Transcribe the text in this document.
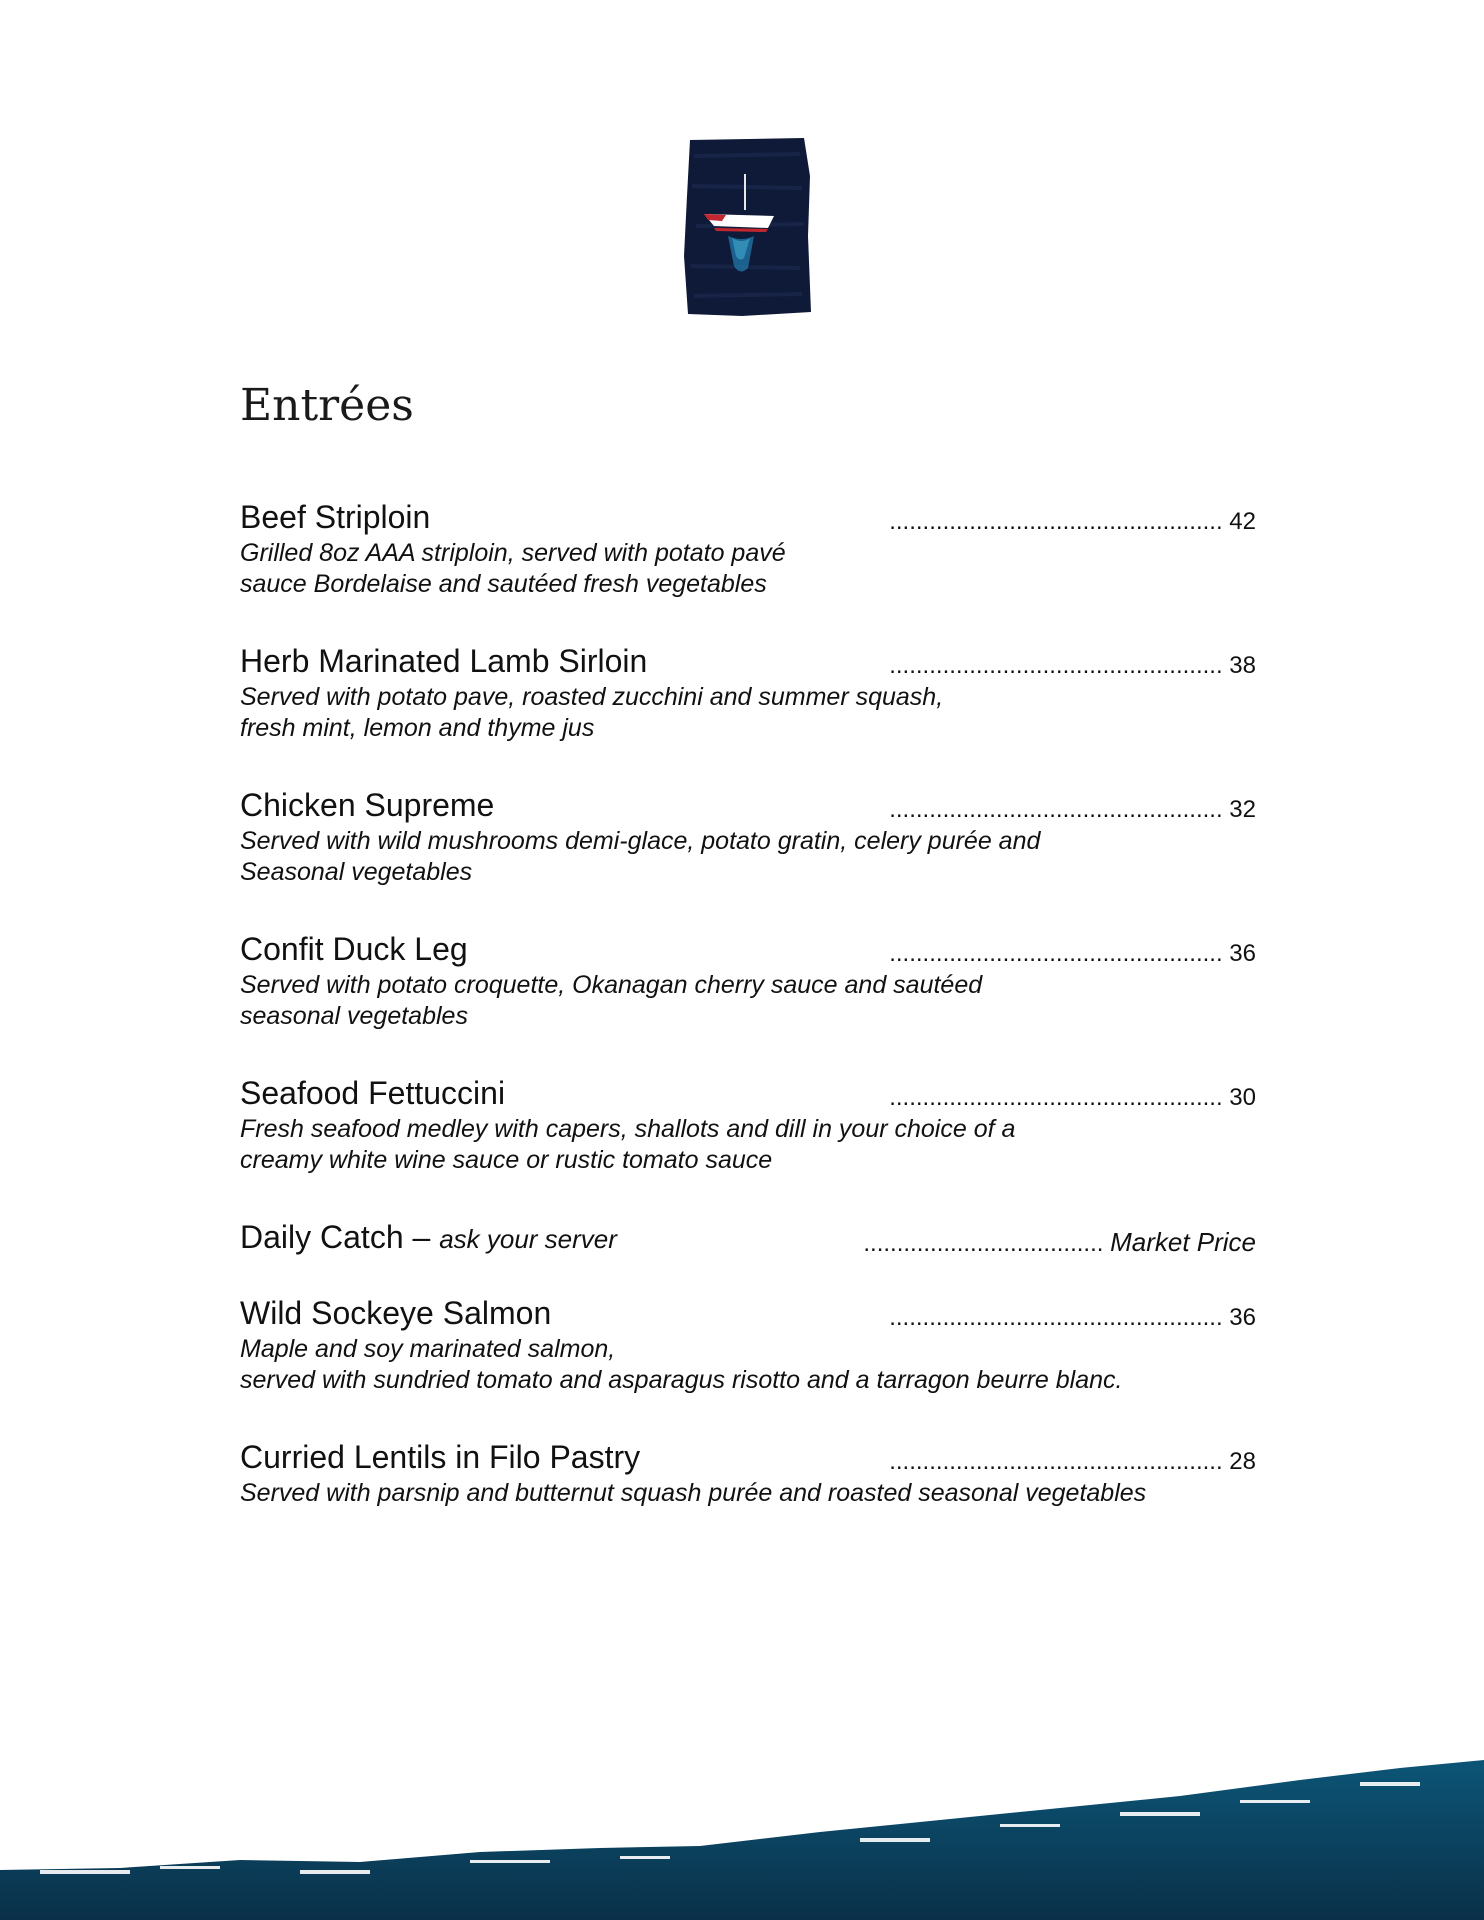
Entrées
Beef Striploin	.................................................. 42
Grilled 8oz AAA striploin, served with potato pavé
sauce Bordelaise and sautéed fresh vegetables
Herb Marinated Lamb Sirloin	.................................................. 38
Served with potato pave, roasted zucchini and summer squash,
fresh mint, lemon and thyme jus
Chicken Supreme	.................................................. 32
Served with wild mushrooms demi-glace, potato gratin, celery purée and
Seasonal vegetables
Confit Duck Leg	.................................................. 36
Served with potato croquette, Okanagan cherry sauce and sautéed
seasonal vegetables
Seafood Fettuccini	.................................................. 30
Fresh seafood medley with capers, shallots and dill in your choice of a
creamy white wine sauce or rustic tomato sauce
Daily Catch – ask your server	.................................... Market Price
Wild Sockeye Salmon	.................................................. 36
Maple and soy marinated salmon,
served with sundried tomato and asparagus risotto and a tarragon beurre blanc.
Curried Lentils in Filo Pastry	.................................................. 28
Served with parsnip and butternut squash purée and roasted seasonal vegetables
